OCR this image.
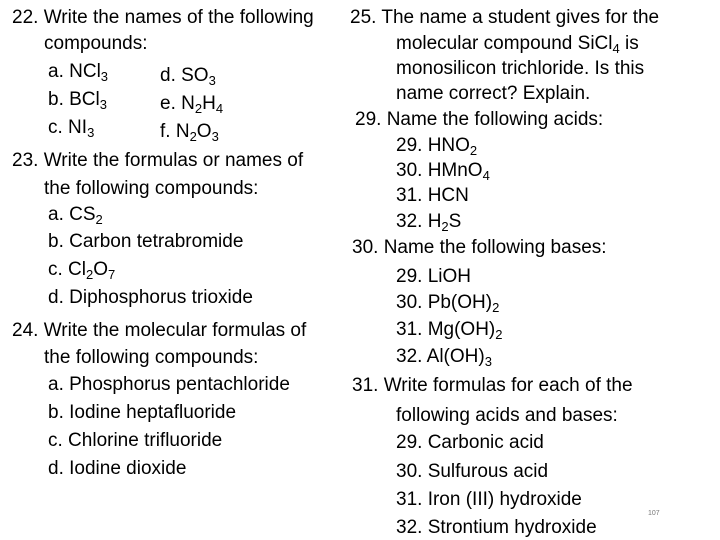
22. Write the names of the following
compounds:
a. NCl$_3$	d. $SO_3$
b. BCl$_3$	e. $N_2H_4$
c. $NI_3$	f. $N_2O_3$
23. Write the formulas or names of
the following compounds:
a. $CS_2$
b. Carbon tetrabromide
c. $Cl_2O_7$
d. Diphosphorus trioxide
24. Write the molecular formulas of
the following compounds:
a. Phosphorus pentachloride
b. Iodine heptafluoride
c. Chlorine trifluoride
d. Iodine dioxide
25. The name a student gives for the
molecular compound SiCl$_4$ is
monosilicon trichloride. Is this
name correct? Explain.
29. Name the following acids:
29. $HNO_2$
30. HMnO$_4$
31. HCN
32. $H_2S$
30. Name the following bases:
29. LiOH
30. $Pb(OH)_2$
31. $Mg(OH)_2$
32. $Al(OH)_3$
31. Write formulas for each of the
following acids and bases:
29. Carbonic acid
30. Sulfurous acid
31. Iron (III) hydroxide
32. Strontium hydroxide
107
